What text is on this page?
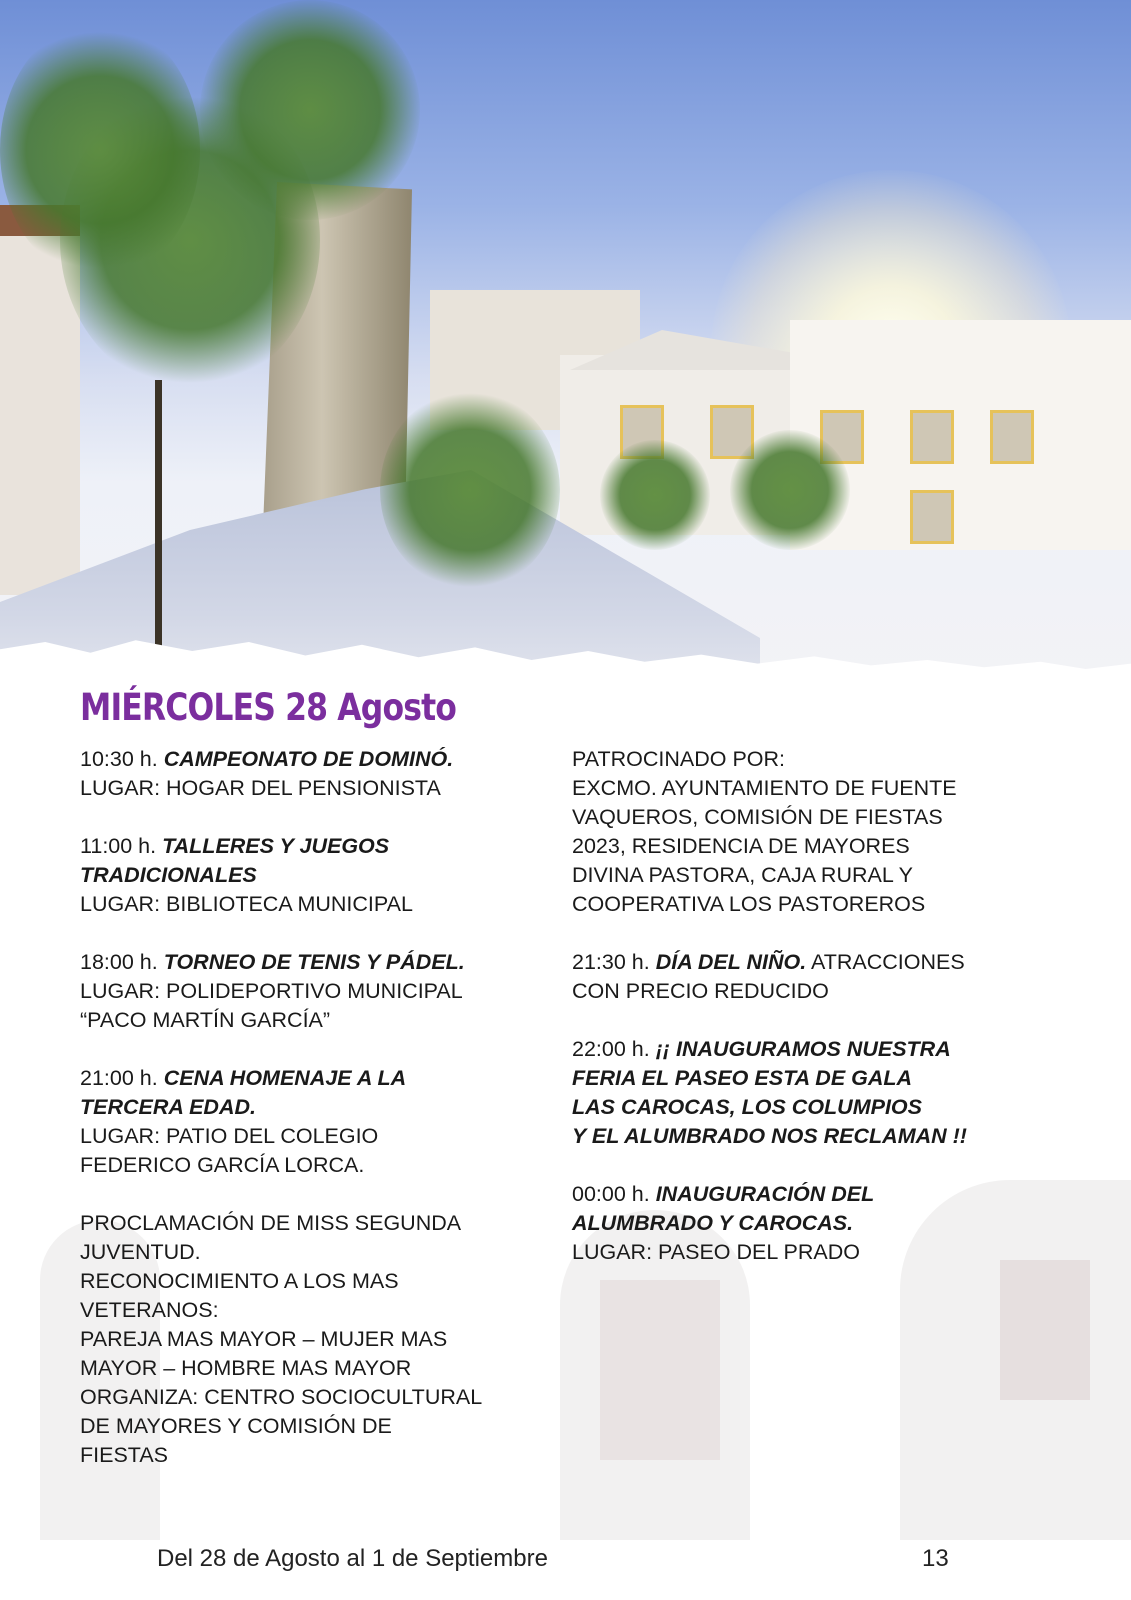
MIÉRCOLES 28 Agosto
10:30 h. CAMPEONATO DE DOMINÓ.
LUGAR: HOGAR DEL PENSIONISTA
11:00 h. TALLERES Y JUEGOS
TRADICIONALES
LUGAR: BIBLIOTECA MUNICIPAL
18:00 h. TORNEO DE TENIS Y PÁDEL.
LUGAR: POLIDEPORTIVO MUNICIPAL
“PACO MARTÍN GARCÍA”
21:00 h. CENA HOMENAJE A LA
TERCERA EDAD.
LUGAR: PATIO DEL COLEGIO
FEDERICO GARCÍA LORCA.
PROCLAMACIÓN DE MISS SEGUNDA
JUVENTUD.
RECONOCIMIENTO A LOS MAS
VETERANOS:
PAREJA MAS MAYOR – MUJER MAS
MAYOR – HOMBRE MAS MAYOR
ORGANIZA: CENTRO SOCIOCULTURAL
DE MAYORES Y COMISIÓN DE
FIESTAS
PATROCINADO POR:
EXCMO. AYUNTAMIENTO DE FUENTE
VAQUEROS, COMISIÓN DE FIESTAS
2023, RESIDENCIA DE MAYORES
DIVINA PASTORA, CAJA RURAL Y
COOPERATIVA LOS PASTOREROS
21:30 h. DÍA DEL NIÑO. ATRACCIONES
CON PRECIO REDUCIDO
22:00 h. ¡¡ INAUGURAMOS NUESTRA
FERIA EL PASEO ESTA DE GALA
LAS CAROCAS, LOS COLUMPIOS
Y EL ALUMBRADO NOS RECLAMAN !!
00:00 h. INAUGURACIÓN DEL
ALUMBRADO Y CAROCAS.
LUGAR: PASEO DEL PRADO
Del 28 de Agosto al 1 de Septiembre	13
